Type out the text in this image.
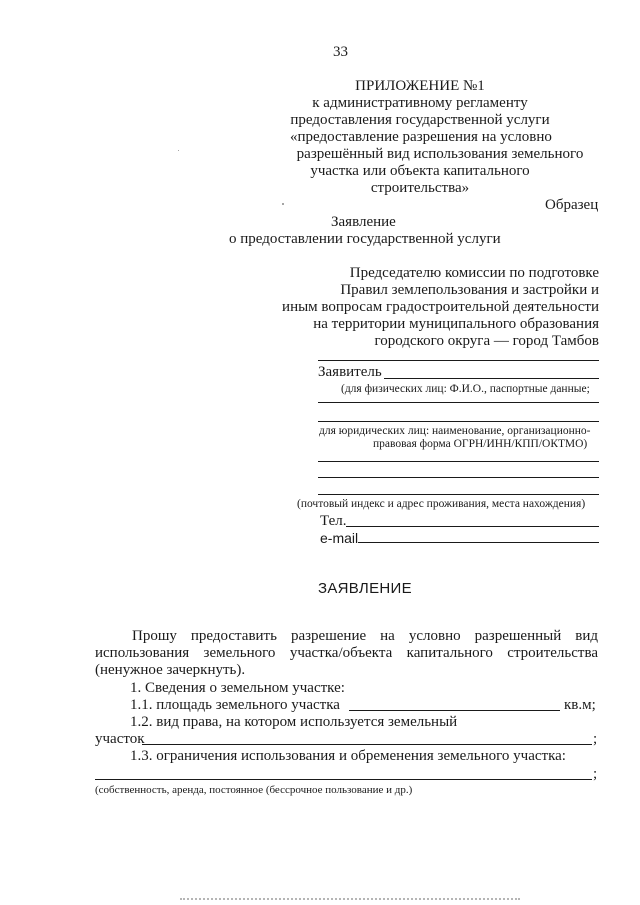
33
ПРИЛОЖЕНИЕ №1
к административному регламенту
предоставления государственной услуги
«предоставление разрешения на условно
разрешённый вид использования земельного
участка или объекта капитального
строительства»
Образец
Заявление
о предоставлении государственной услуги
Председателю комиссии по подготовке
Правил землепользования и застройки и
иным вопросам градостроительной деятельности
на территории муниципального образования
городского округа — город Тамбов
Заявитель
(для физических лиц: Ф.И.О., паспортные данные;
для юридических лиц: наименование, организационно-
правовая форма ОГРН/ИНН/КПП/ОКТМО)
(почтовый индекс и адрес проживания, места нахождения)
Тел.
e-mail
ЗАЯВЛЕНИЕ
Прошу предоставить разрешение на условно разрешенный вид
использования земельного участка/объекта капитального строительства
(ненужное зачеркнуть).
1. Сведения о земельном участке:
1.1. площадь земельного участка	кв.м;
1.2. вид права, на котором используется земельный
участок	;
1.3. ограничения использования и обременения земельного участка:
;
(собственность, аренда, постоянное (бессрочное пользование и др.)
